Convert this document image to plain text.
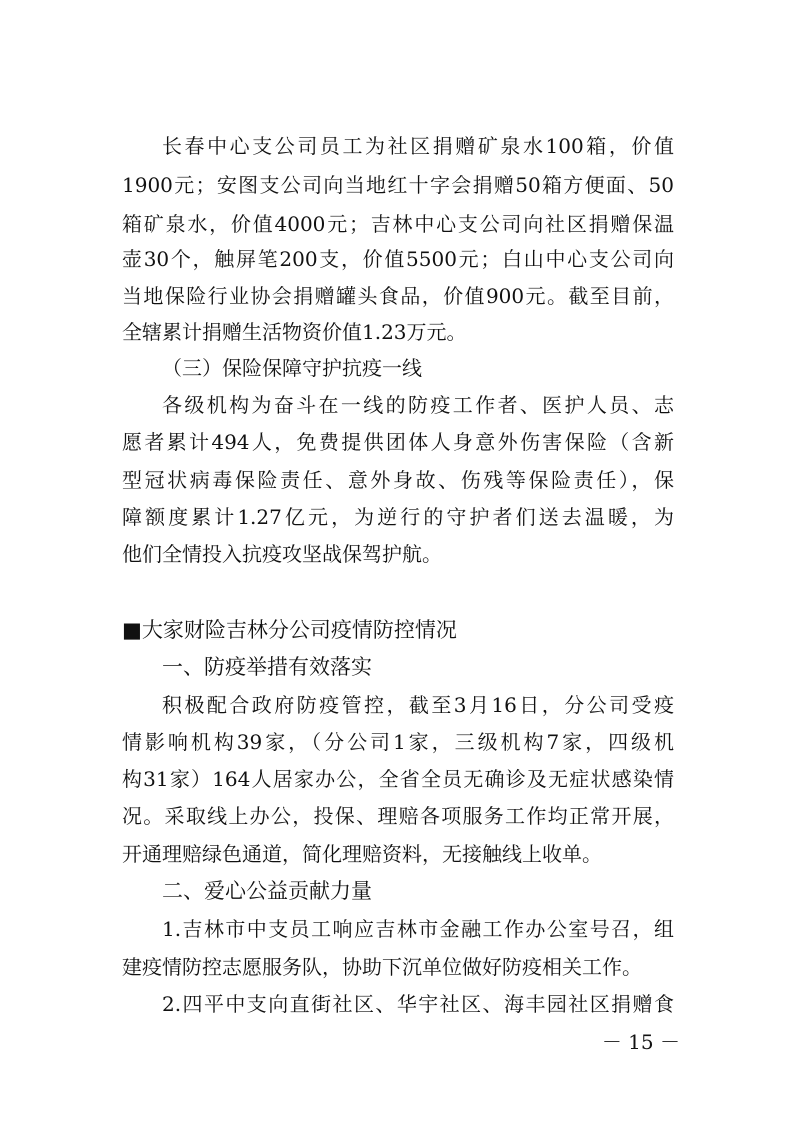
长春中心支公司员工为社区捐赠矿泉水100箱，价值
1900元；安图支公司向当地红十字会捐赠50箱方便面、50
箱矿泉水，价值4000元；吉林中心支公司向社区捐赠保温
壶30个，触屏笔200支，价值5500元；白山中心支公司向
当地保险行业协会捐赠罐头食品，价值900元。截至目前，
全辖累计捐赠生活物资价值1.23万元。
（三）保险保障守护抗疫一线
各级机构为奋斗在一线的防疫工作者、医护人员、志
愿者累计494人，免费提供团体人身意外伤害保险（含新
型冠状病毒保险责任、意外身故、伤残等保险责任），保
障额度累计1.27亿元，为逆行的守护者们送去温暖，为
他们全情投入抗疫攻坚战保驾护航。
■大家财险吉林分公司疫情防控情况
一、防疫举措有效落实
积极配合政府防疫管控，截至3月16日，分公司受疫
情影响机构39家，（分公司1家，三级机构7家，四级机
构31家）164人居家办公，全省全员无确诊及无症状感染情
况。采取线上办公，投保、理赔各项服务工作均正常开展，
开通理赔绿色通道，简化理赔资料，无接触线上收单。
二、爱心公益贡献力量
1.吉林市中支员工响应吉林市金融工作办公室号召，组
建疫情防控志愿服务队，协助下沉单位做好防疫相关工作。
2.四平中支向直街社区、华宇社区、海丰园社区捐赠食
－ 15 －
